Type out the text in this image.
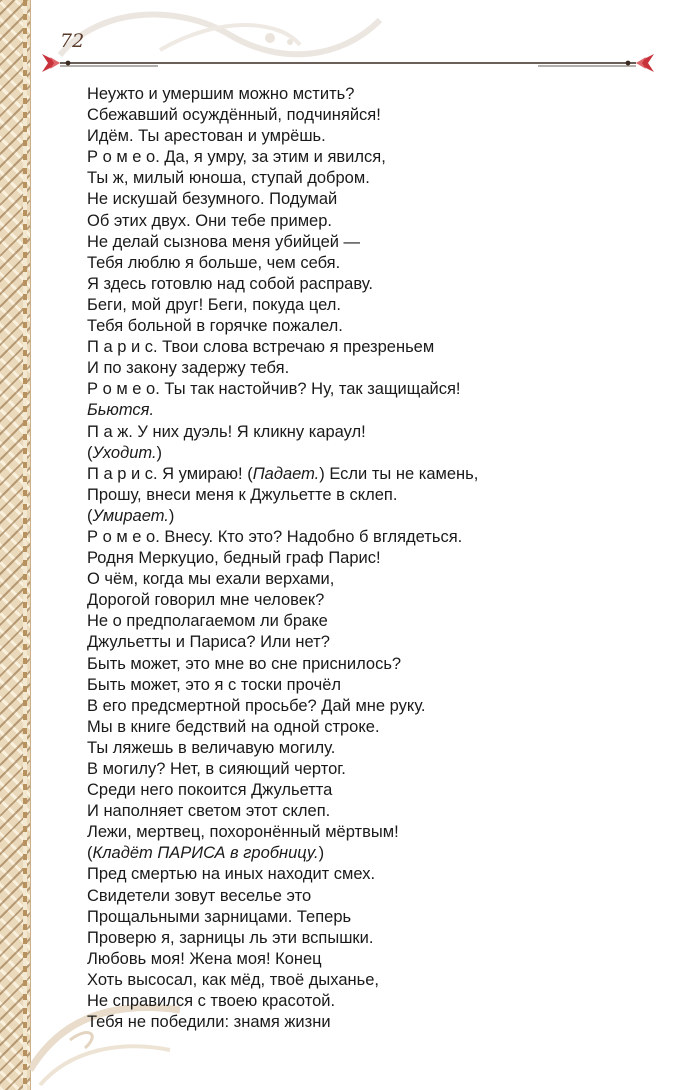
72

Неужто и умершим можно мстить?
Сбежавший осуждённый, подчиняйся!
Идём. Ты арестован и умрёшь.
Р о м е о. Да, я умру, за этим и явился,
Ты ж, милый юноша, ступай добром.
Не искушай безумного. Подумай
Об этих двух. Они тебе пример.
Не делай сызнова меня убийцей —
Тебя люблю я больше, чем себя.
Я здесь готовлю над собой расправу.
Беги, мой друг! Беги, покуда цел.
Тебя больной в горячке пожалел.
П а р и с. Твои слова встречаю я презреньем
И по закону задержу тебя.
Р о м е о. Ты так настойчив? Ну, так защищайся!
Бьются.
П а ж. У них дуэль! Я кликну караул!
(Уходит.)
П а р и с. Я умираю! (Падает.) Если ты не камень,
Прошу, внеси меня к Джульетте в склеп.
(Умирает.)
Р о м е о. Внесу. Кто это? Надобно б вглядеться.
Родня Меркуцио, бедный граф Парис!
О чём, когда мы ехали верхами,
Дорогой говорил мне человек?
Не о предполагаемом ли браке
Джульетты и Париса? Или нет?
Быть может, это мне во сне приснилось?
Быть может, это я с тоски прочёл
В его предсмертной просьбе? Дай мне руку.
Мы в книге бедствий на одной строке.
Ты ляжешь в величавую могилу.
В могилу? Нет, в сияющий чертог.
Среди него покоится Джульетта
И наполняет светом этот склеп.
Лежи, мертвец, похоронённый мёртвым!
(Кладёт ПАРИСА в гробницу.)
Пред смертью на иных находит смех.
Свидетели зовут веселье это
Прощальными зарницами. Теперь
Проверю я, зарницы ль эти вспышки.
Любовь моя! Жена моя! Конец
Хоть высосал, как мёд, твоё дыханье,
Не справился с твоею красотой.
Тебя не победили: знамя жизни
